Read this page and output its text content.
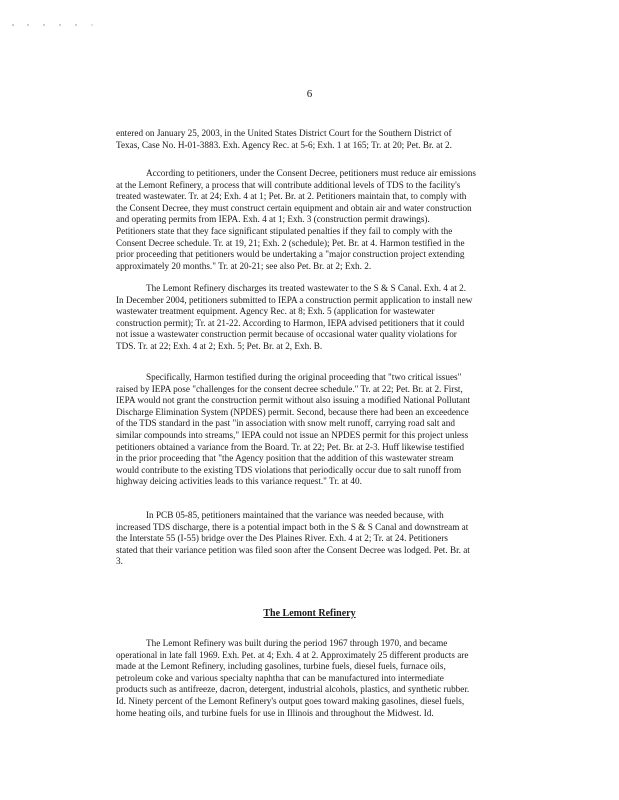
6

entered on January 25, 2003, in the United States District Court for the Southern District of
Texas, Case No. H-01-3883. Exh. Agency Rec. at 5-6; Exh. 1 at 165; Tr. at 20; Pet. Br. at 2.

According to petitioners, under the Consent Decree, petitioners must reduce air emissions
at the Lemont Refinery, a process that will contribute additional levels of TDS to the facility's
treated wastewater. Tr. at 24; Exh. 4 at 1; Pet. Br. at 2. Petitioners maintain that, to comply with
the Consent Decree, they must construct certain equipment and obtain air and water construction
and operating permits from IEPA. Exh. 4 at 1; Exh. 3 (construction permit drawings).
Petitioners state that they face significant stipulated penalties if they fail to comply with the
Consent Decree schedule. Tr. at 19, 21; Exh. 2 (schedule); Pet. Br. at 4. Harmon testified in the
prior proceeding that petitioners would be undertaking a "major construction project extending
approximately 20 months." Tr. at 20-21; see also Pet. Br. at 2; Exh. 2.

The Lemont Refinery discharges its treated wastewater to the S & S Canal. Exh. 4 at 2.
In December 2004, petitioners submitted to IEPA a construction permit application to install new
wastewater treatment equipment. Agency Rec. at 8; Exh. 5 (application for wastewater
construction permit); Tr. at 21-22. According to Harmon, IEPA advised petitioners that it could
not issue a wastewater construction permit because of occasional water quality violations for
TDS. Tr. at 22; Exh. 4 at 2; Exh. 5; Pet. Br. at 2, Exh. B.

Specifically, Harmon testified during the original proceeding that "two critical issues"
raised by IEPA pose "challenges for the consent decree schedule." Tr. at 22; Pet. Br. at 2. First,
IEPA would not grant the construction permit without also issuing a modified National Pollutant
Discharge Elimination System (NPDES) permit. Second, because there had been an exceedence
of the TDS standard in the past "in association with snow melt runoff, carrying road salt and
similar compounds into streams," IEPA could not issue an NPDES permit for this project unless
petitioners obtained a variance from the Board. Tr. at 22; Pet. Br. at 2-3. Huff likewise testified
in the prior proceeding that "the Agency position that the addition of this wastewater stream
would contribute to the existing TDS violations that periodically occur due to salt runoff from
highway deicing activities leads to this variance request." Tr. at 40.

In PCB 05-85, petitioners maintained that the variance was needed because, with
increased TDS discharge, there is a potential impact both in the S & S Canal and downstream at
the Interstate 55 (I-55) bridge over the Des Plaines River. Exh. 4 at 2; Tr. at 24. Petitioners
stated that their variance petition was filed soon after the Consent Decree was lodged. Pet. Br. at
3.

The Lemont Refinery

The Lemont Refinery was built during the period 1967 through 1970, and became
operational in late fall 1969. Exh. Pet. at 4; Exh. 4 at 2. Approximately 25 different products are
made at the Lemont Refinery, including gasolines, turbine fuels, diesel fuels, furnace oils,
petroleum coke and various specialty naphtha that can be manufactured into intermediate
products such as antifreeze, dacron, detergent, industrial alcohols, plastics, and synthetic rubber.
Id. Ninety percent of the Lemont Refinery's output goes toward making gasolines, diesel fuels,
home heating oils, and turbine fuels for use in Illinois and throughout the Midwest. Id.
